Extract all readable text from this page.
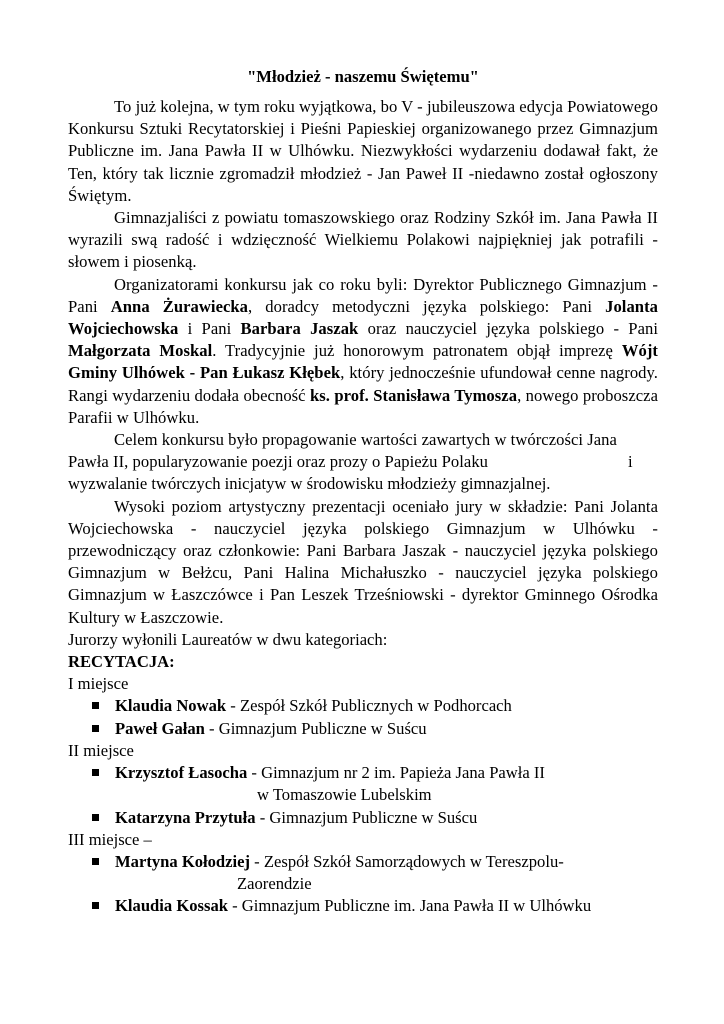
"Młodzież - naszemu Świętemu"

To już kolejna, w tym roku wyjątkowa, bo V - jubileuszowa edycja Powiatowego Konkursu Sztuki Recytatorskiej i Pieśni Papieskiej organizowanego przez Gimnazjum Publiczne im. Jana Pawła II w Ulhówku. Niezwykłości wydarzeniu dodawał fakt, że Ten, który tak licznie zgromadził młodzież - Jan Paweł II -niedawno został ogłoszony Świętym.

Gimnazjaliści z powiatu tomaszowskiego oraz Rodziny Szkół im. Jana Pawła II wyrazili swą radość i wdzięczność Wielkiemu Polakowi najpiękniej jak potrafili - słowem i piosenką.

Organizatorami konkursu jak co roku byli: Dyrektor Publicznego Gimnazjum - Pani Anna Żurawiecka, doradcy metodyczni języka polskiego: Pani Jolanta Wojciechowska i Pani Barbara Jaszak oraz nauczyciel języka polskiego - Pani Małgorzata Moskal. Tradycyjnie już honorowym patronatem objął imprezę Wójt Gminy Ulhówek - Pan Łukasz Kłębek, który jednocześnie ufundował cenne nagrody. Rangi wydarzeniu dodała obecność ks. prof. Stanisława Tymosza, nowego proboszcza Parafii w Ulhówku.

Celem konkursu było propagowanie wartości zawartych w twórczości Jana Pawła II, popularyzowanie poezji oraz prozy o Papieżu Polaku	i

wyzwalanie twórczych inicjatyw w środowisku młodzieży gimnazjalnej.

Wysoki poziom artystyczny prezentacji oceniało jury w składzie: Pani Jolanta Wojciechowska - nauczyciel języka polskiego Gimnazjum w Ulhówku - przewodniczący oraz członkowie: Pani Barbara Jaszak - nauczyciel języka polskiego Gimnazjum w Bełżcu, Pani Halina Michałuszko - nauczyciel języka polskiego Gimnazjum w Łaszczówce i Pan Leszek Trześniowski - dyrektor Gminnego Ośrodka Kultury w Łaszczowie.

Jurorzy wyłonili Laureatów w dwu kategoriach:

RECYTACJA:

I miejsce

Klaudia Nowak - Zespół Szkół Publicznych w Podhorcach
Paweł Gałan - Gimnazjum Publiczne w Suścu

II miejsce

Krzysztof Łasocha - Gimnazjum nr 2 im. Papieża Jana Pawła II
w Tomaszowie Lubelskim
Katarzyna Przytuła - Gimnazjum Publiczne w Suścu

III miejsce –

Martyna Kołodziej - Zespół Szkół Samorządowych w Tereszpolu-
Zaorendzie
Klaudia Kossak - Gimnazjum Publiczne im. Jana Pawła II w Ulhówku
